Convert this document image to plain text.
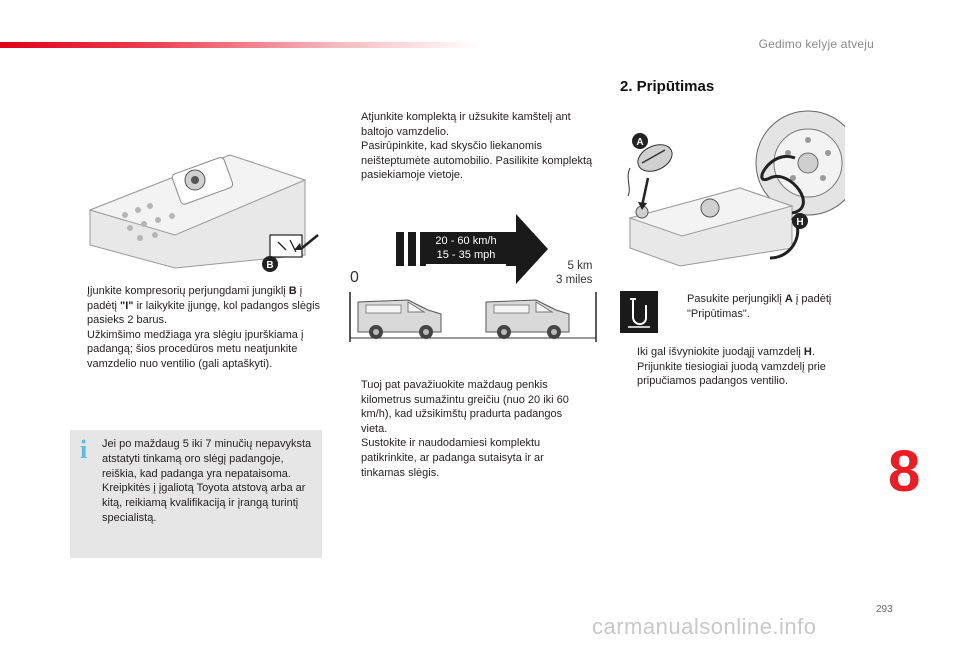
Gedimo kelyje atveju
B
Įjunkite kompresorių perjungdami jungiklį B į padėtį "I" ir laikykite įjungę, kol padangos slėgis pasieks 2 barus.
Užkimšimo medžiaga yra slėgiu įpurškiama į padangą; šios procedūros metu neatjunkite vamzdelio nuo ventilio (gali aptaškyti).
i Jei po maždaug 5 iki 7 minučių nepavyksta atstatyti tinkamą oro slėgį padangoje, reiškia, kad padanga yra nepataisoma. Kreipkitės į įgaliotą Toyota atstovą arba ar kitą, reikiamą kvalifikaciją ir įrangą turintį specialistą.
Atjunkite komplektą ir užsukite kamštelį ant baltojo vamzdelio.
Pasirūpinkite, kad skysčio liekanomis neišteptumėte automobilio. Pasilikite komplektą pasiekiamoje vietoje.
20 - 60 km/h
15 - 35 mph
5 km
3 miles
0
Tuoj pat pavažiuokite maždaug penkis kilometrus sumažintu greičiu (nuo 20 iki 60 km/h), kad užsikimštų pradurta padangos vieta.
Sustokite ir naudodamiesi komplektu patikrinkite, ar padanga sutaisyta ir ar tinkamas slėgis.
2. Pripūtimas
A
H
Pasukite perjungiklį A į padėtį "Pripūtimas".
Iki gal išvyniokite juodąjį vamzdelį H.
Prijunkite tiesiogiai juodą vamzdelį prie pripučiamos padangos ventilio.
8
293
carmanualsonline.info
